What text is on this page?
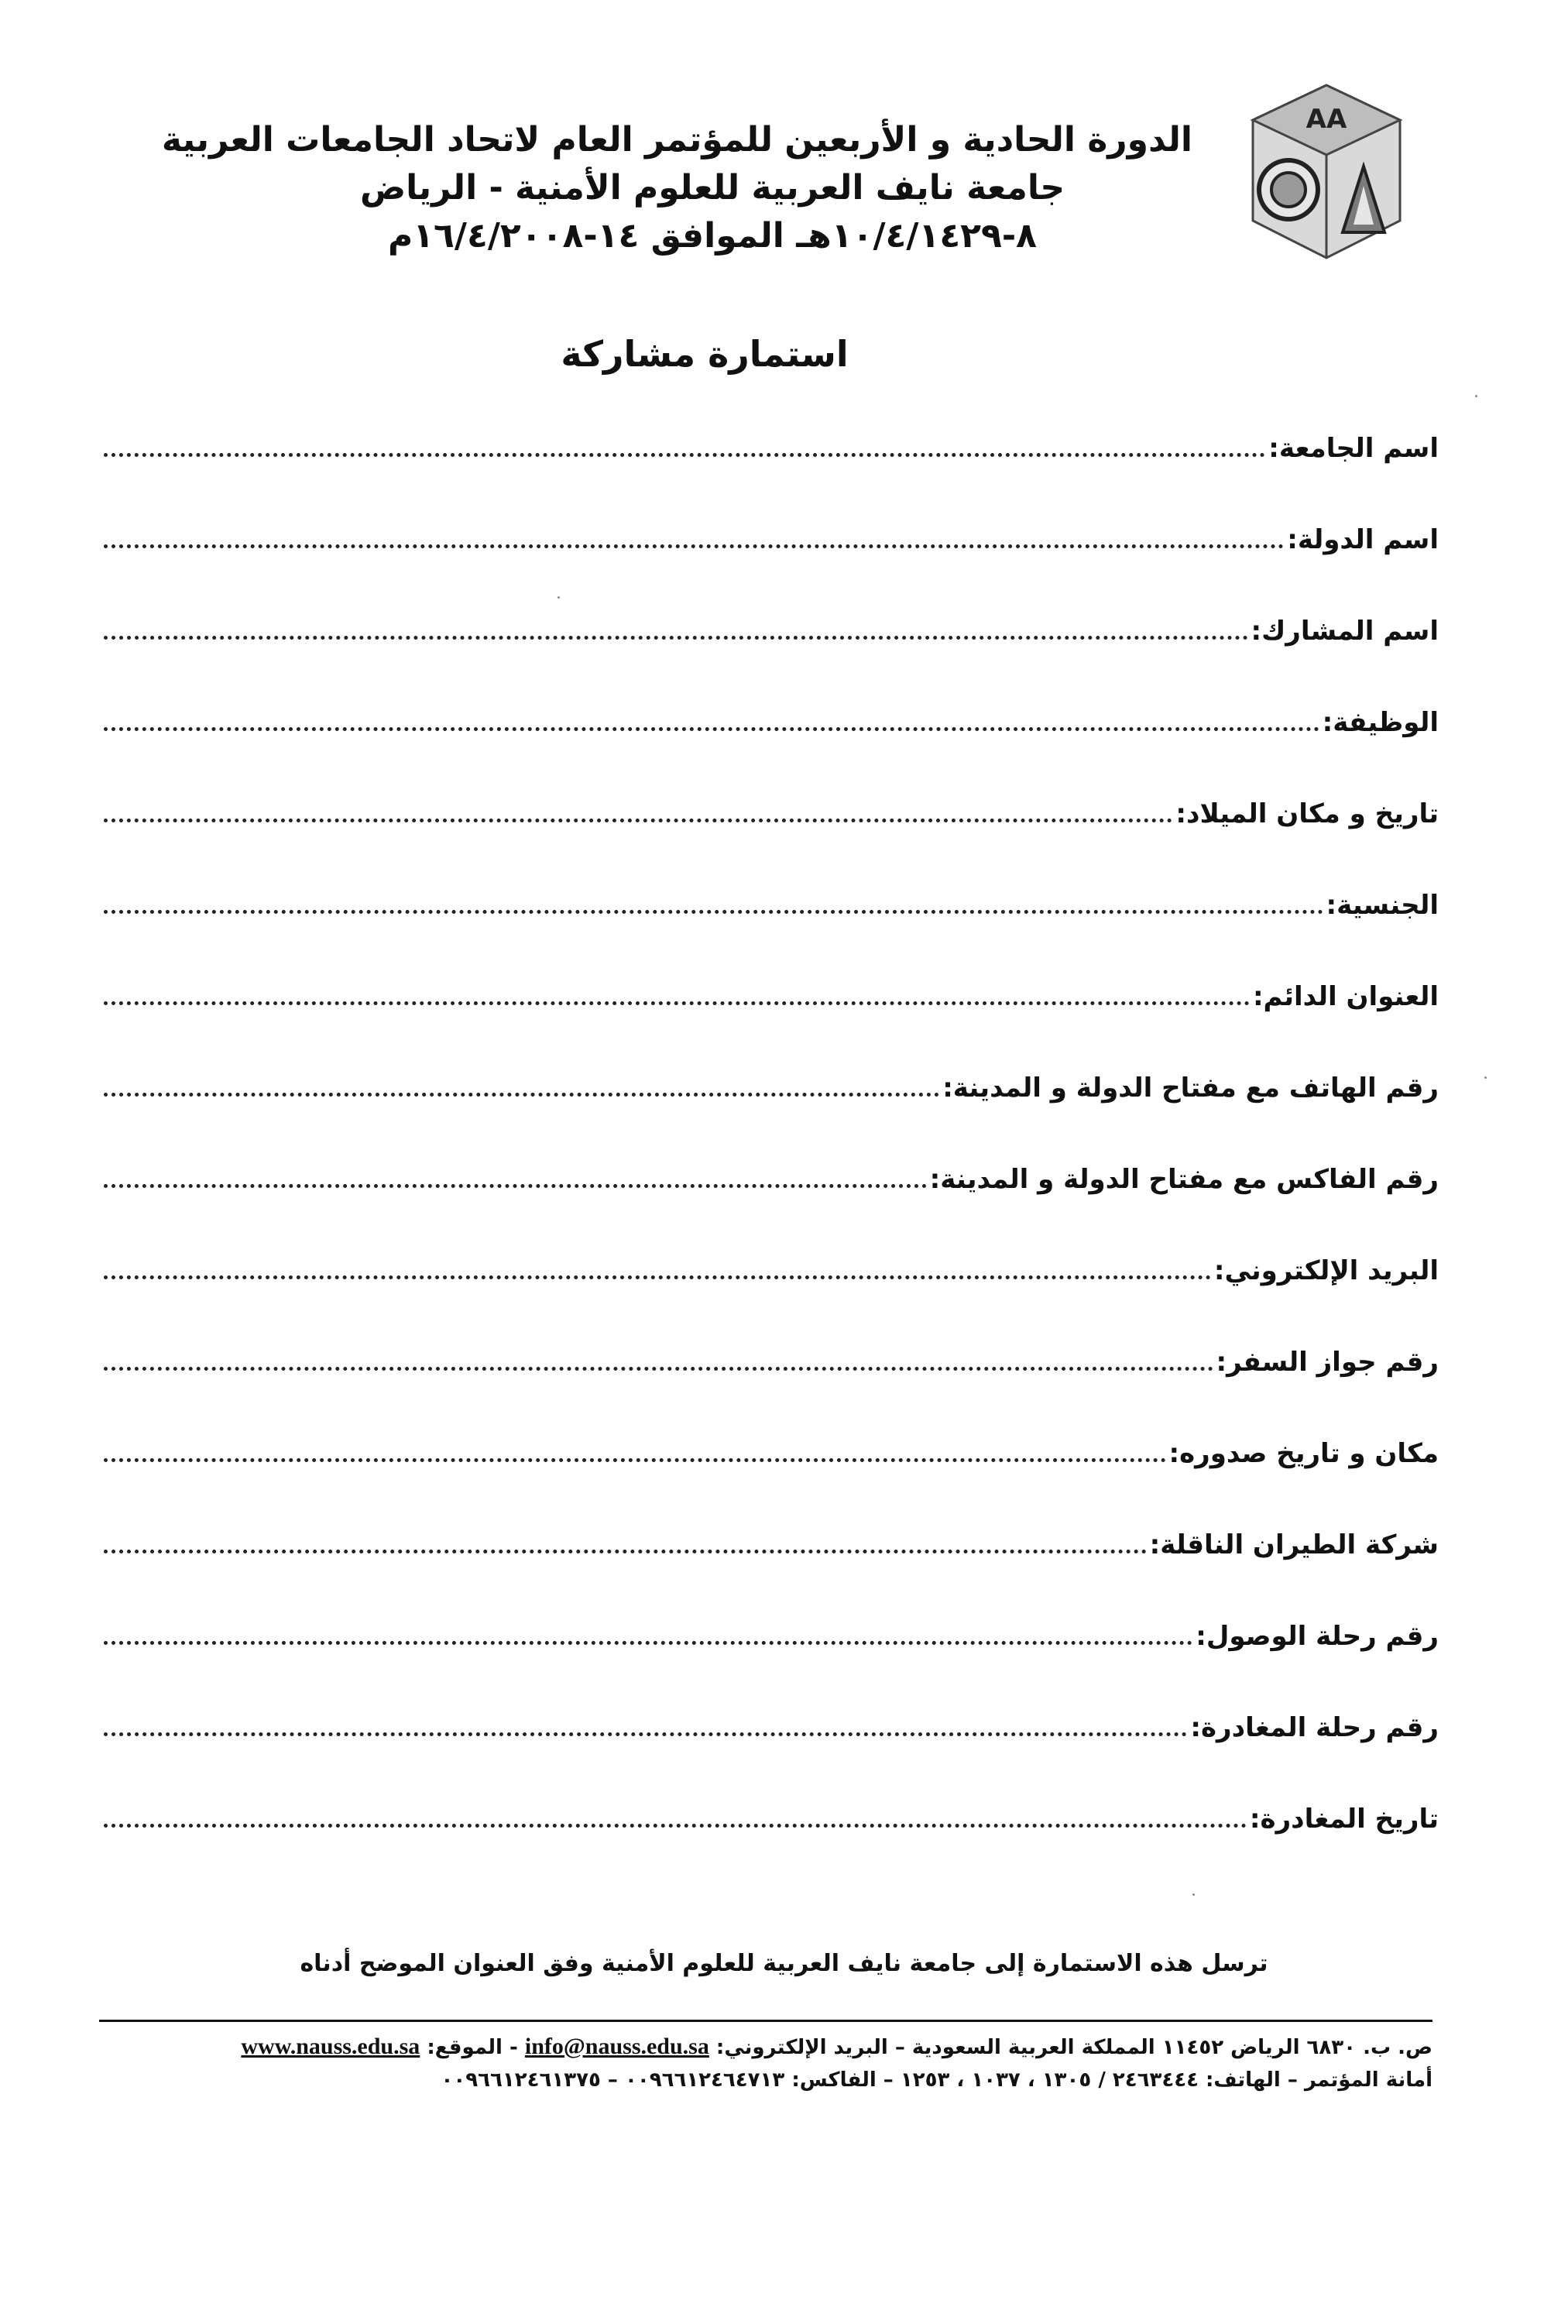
AA
الدورة الحادية و الأربعين للمؤتمر العام لاتحاد الجامعات العربية
جامعة نايف العربية للعلوم الأمنية - الرياض
٨-١٠/٤/١٤٢٩هـ الموافق ١٤-١٦/٤/٢٠٠٨م
استمارة مشاركة
اسم الجامعة:
اسم الدولة:
اسم المشارك:
الوظيفة:
تاريخ و مكان الميلاد:
الجنسية:
العنوان الدائم:
رقم الهاتف مع مفتاح الدولة و المدينة:
رقم الفاكس مع مفتاح الدولة و المدينة:
البريد الإلكتروني:
رقم جواز السفر:
مكان و تاريخ صدوره:
شركة الطيران الناقلة:
رقم رحلة الوصول:
رقم رحلة المغادرة:
تاريخ المغادرة:
ترسل هذه الاستمارة إلى جامعة نايف العربية للعلوم الأمنية وفق العنوان الموضح أدناه
ص. ب. ٦٨٣٠ الرياض ١١٤٥٢ المملكة العربية السعودية – البريد الإلكتروني: info@nauss.edu.sa - الموقع: www.nauss.edu.sa
أمانة المؤتمر – الهاتف: ٢٤٦٣٤٤٤ / ١٣٠٥ ، ١٠٣٧ ، ١٢٥٣ – الفاكس: ٠٠٩٦٦١٢٤٦٤٧١٣ – ٠٠٩٦٦١٢٤٦١٣٧٥
